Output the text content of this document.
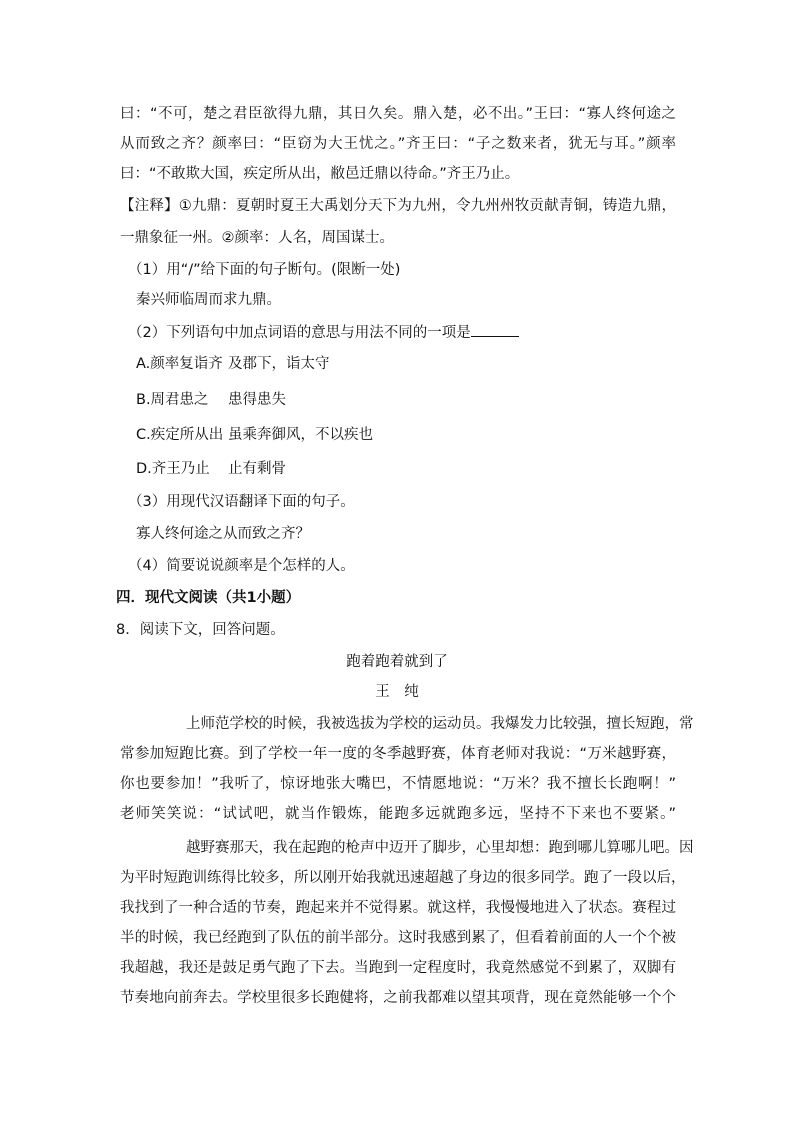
曰：“不可，楚之君臣欲得九鼎，其日久矣。鼎入楚，必不出。”王曰：“寡人终何途之
从而致之齐？颜率曰：“臣窃为大王忧之。”齐王曰：“子之数来者，犹无与耳。”颜率
曰：“不敢欺大国，疾定所从出，敝邑迁鼎以待命。”齐王乃止。
【注释】①九鼎：夏朝时夏王大禹划分天下为九州，令九州州牧贡献青铜，铸造九鼎，
一鼎象征一州。②颜率：人名，周国谋士。
（1）用“/”给下面的句子断句。(限断一处)
秦兴师临周而求九鼎。
（2）下列语句中加点词语的意思与用法不同的一项是
A.颜率复诣齐 及郡下，诣太守
B.周君患之 患得患失
C.疾定所从出 虽乘奔御风，不以疾也
D.齐王乃止 止有剩骨
（3）用现代汉语翻译下面的句子。
寡人终何途之从而致之齐？
（4）简要说说颜率是个怎样的人。
四．现代文阅读（共1小题）
8．阅读下文，回答问题。
跑着跑着就到了
王　纯
上师范学校的时候，我被选拔为学校的运动员。我爆发力比较强，擅长短跑，常
常参加短跑比赛。到了学校一年一度的冬季越野赛，体育老师对我说：“万米越野赛，
你也要参加！”我听了，惊讶地张大嘴巴，不情愿地说：“万米？我不擅长长跑啊！”
老师笑笑说：“试试吧，就当作锻炼，能跑多远就跑多远，坚持不下来也不要紧。”
越野赛那天，我在起跑的枪声中迈开了脚步，心里却想：跑到哪儿算哪儿吧。因
为平时短跑训练得比较多，所以刚开始我就迅速超越了身边的很多同学。跑了一段以后，
我找到了一种合适的节奏，跑起来并不觉得累。就这样，我慢慢地进入了状态。赛程过
半的时候，我已经跑到了队伍的前半部分。这时我感到累了，但看着前面的人一个个被
我超越，我还是鼓足勇气跑了下去。当跑到一定程度时，我竟然感觉不到累了，双脚有
节奏地向前奔去。学校里很多长跑健将，之前我都难以望其项背，现在竟然能够一个个
